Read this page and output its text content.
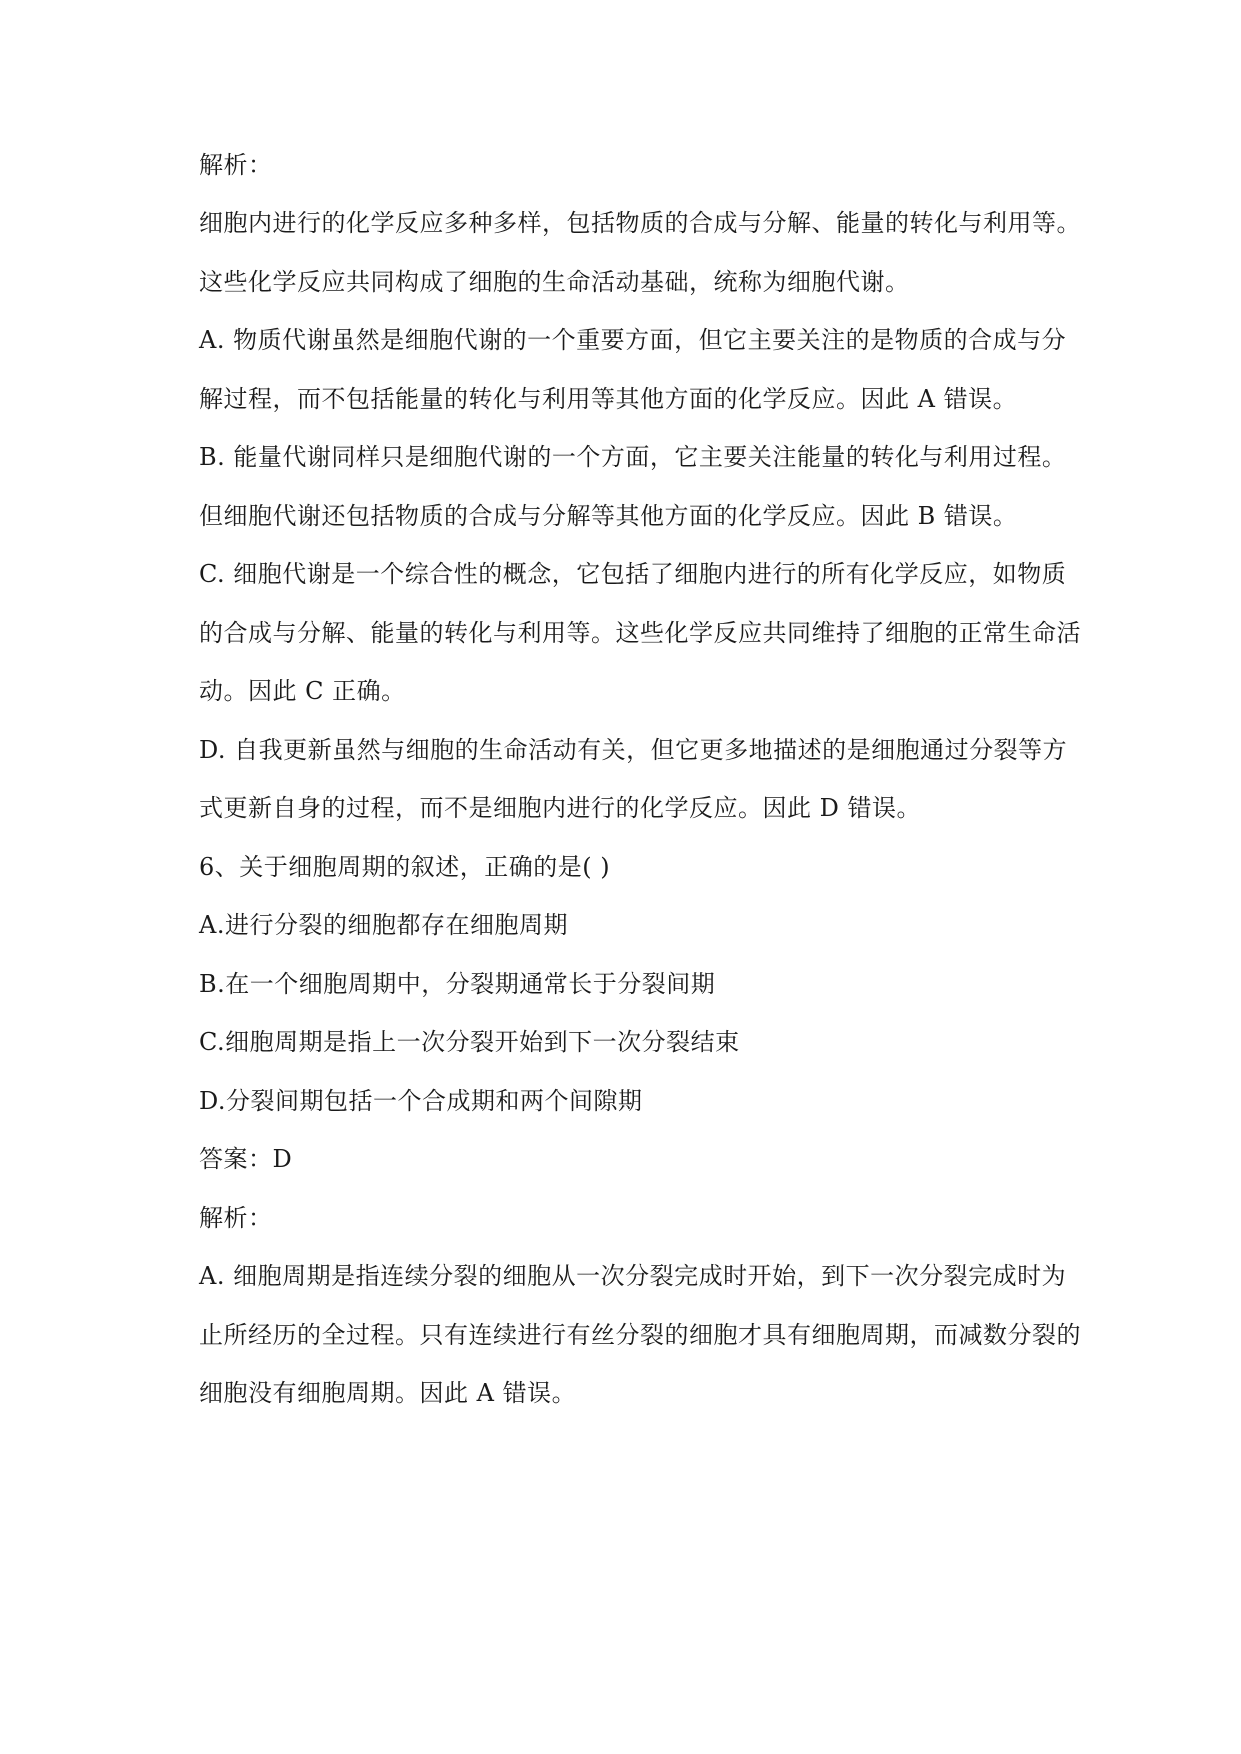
解析：
细胞内进行的化学反应多种多样，包括物质的合成与分解、能量的转化与利用等。
这些化学反应共同构成了细胞的生命活动基础，统称为细胞代谢。
A. 物质代谢虽然是细胞代谢的一个重要方面，但它主要关注的是物质的合成与分
解过程，而不包括能量的转化与利用等其他方面的化学反应。因此 A 错误。
B. 能量代谢同样只是细胞代谢的一个方面，它主要关注能量的转化与利用过程。
但细胞代谢还包括物质的合成与分解等其他方面的化学反应。因此 B 错误。
C. 细胞代谢是一个综合性的概念，它包括了细胞内进行的所有化学反应，如物质
的合成与分解、能量的转化与利用等。这些化学反应共同维持了细胞的正常生命活
动。因此 C 正确。
D. 自我更新虽然与细胞的生命活动有关，但它更多地描述的是细胞通过分裂等方
式更新自身的过程，而不是细胞内进行的化学反应。因此 D 错误。
6、关于细胞周期的叙述，正确的是( )
A.进行分裂的细胞都存在细胞周期
B.在一个细胞周期中，分裂期通常长于分裂间期
C.细胞周期是指上一次分裂开始到下一次分裂结束
D.分裂间期包括一个合成期和两个间隙期
答案：D
解析：
A. 细胞周期是指连续分裂的细胞从一次分裂完成时开始，到下一次分裂完成时为
止所经历的全过程。只有连续进行有丝分裂的细胞才具有细胞周期，而减数分裂的
细胞没有细胞周期。因此 A 错误。
